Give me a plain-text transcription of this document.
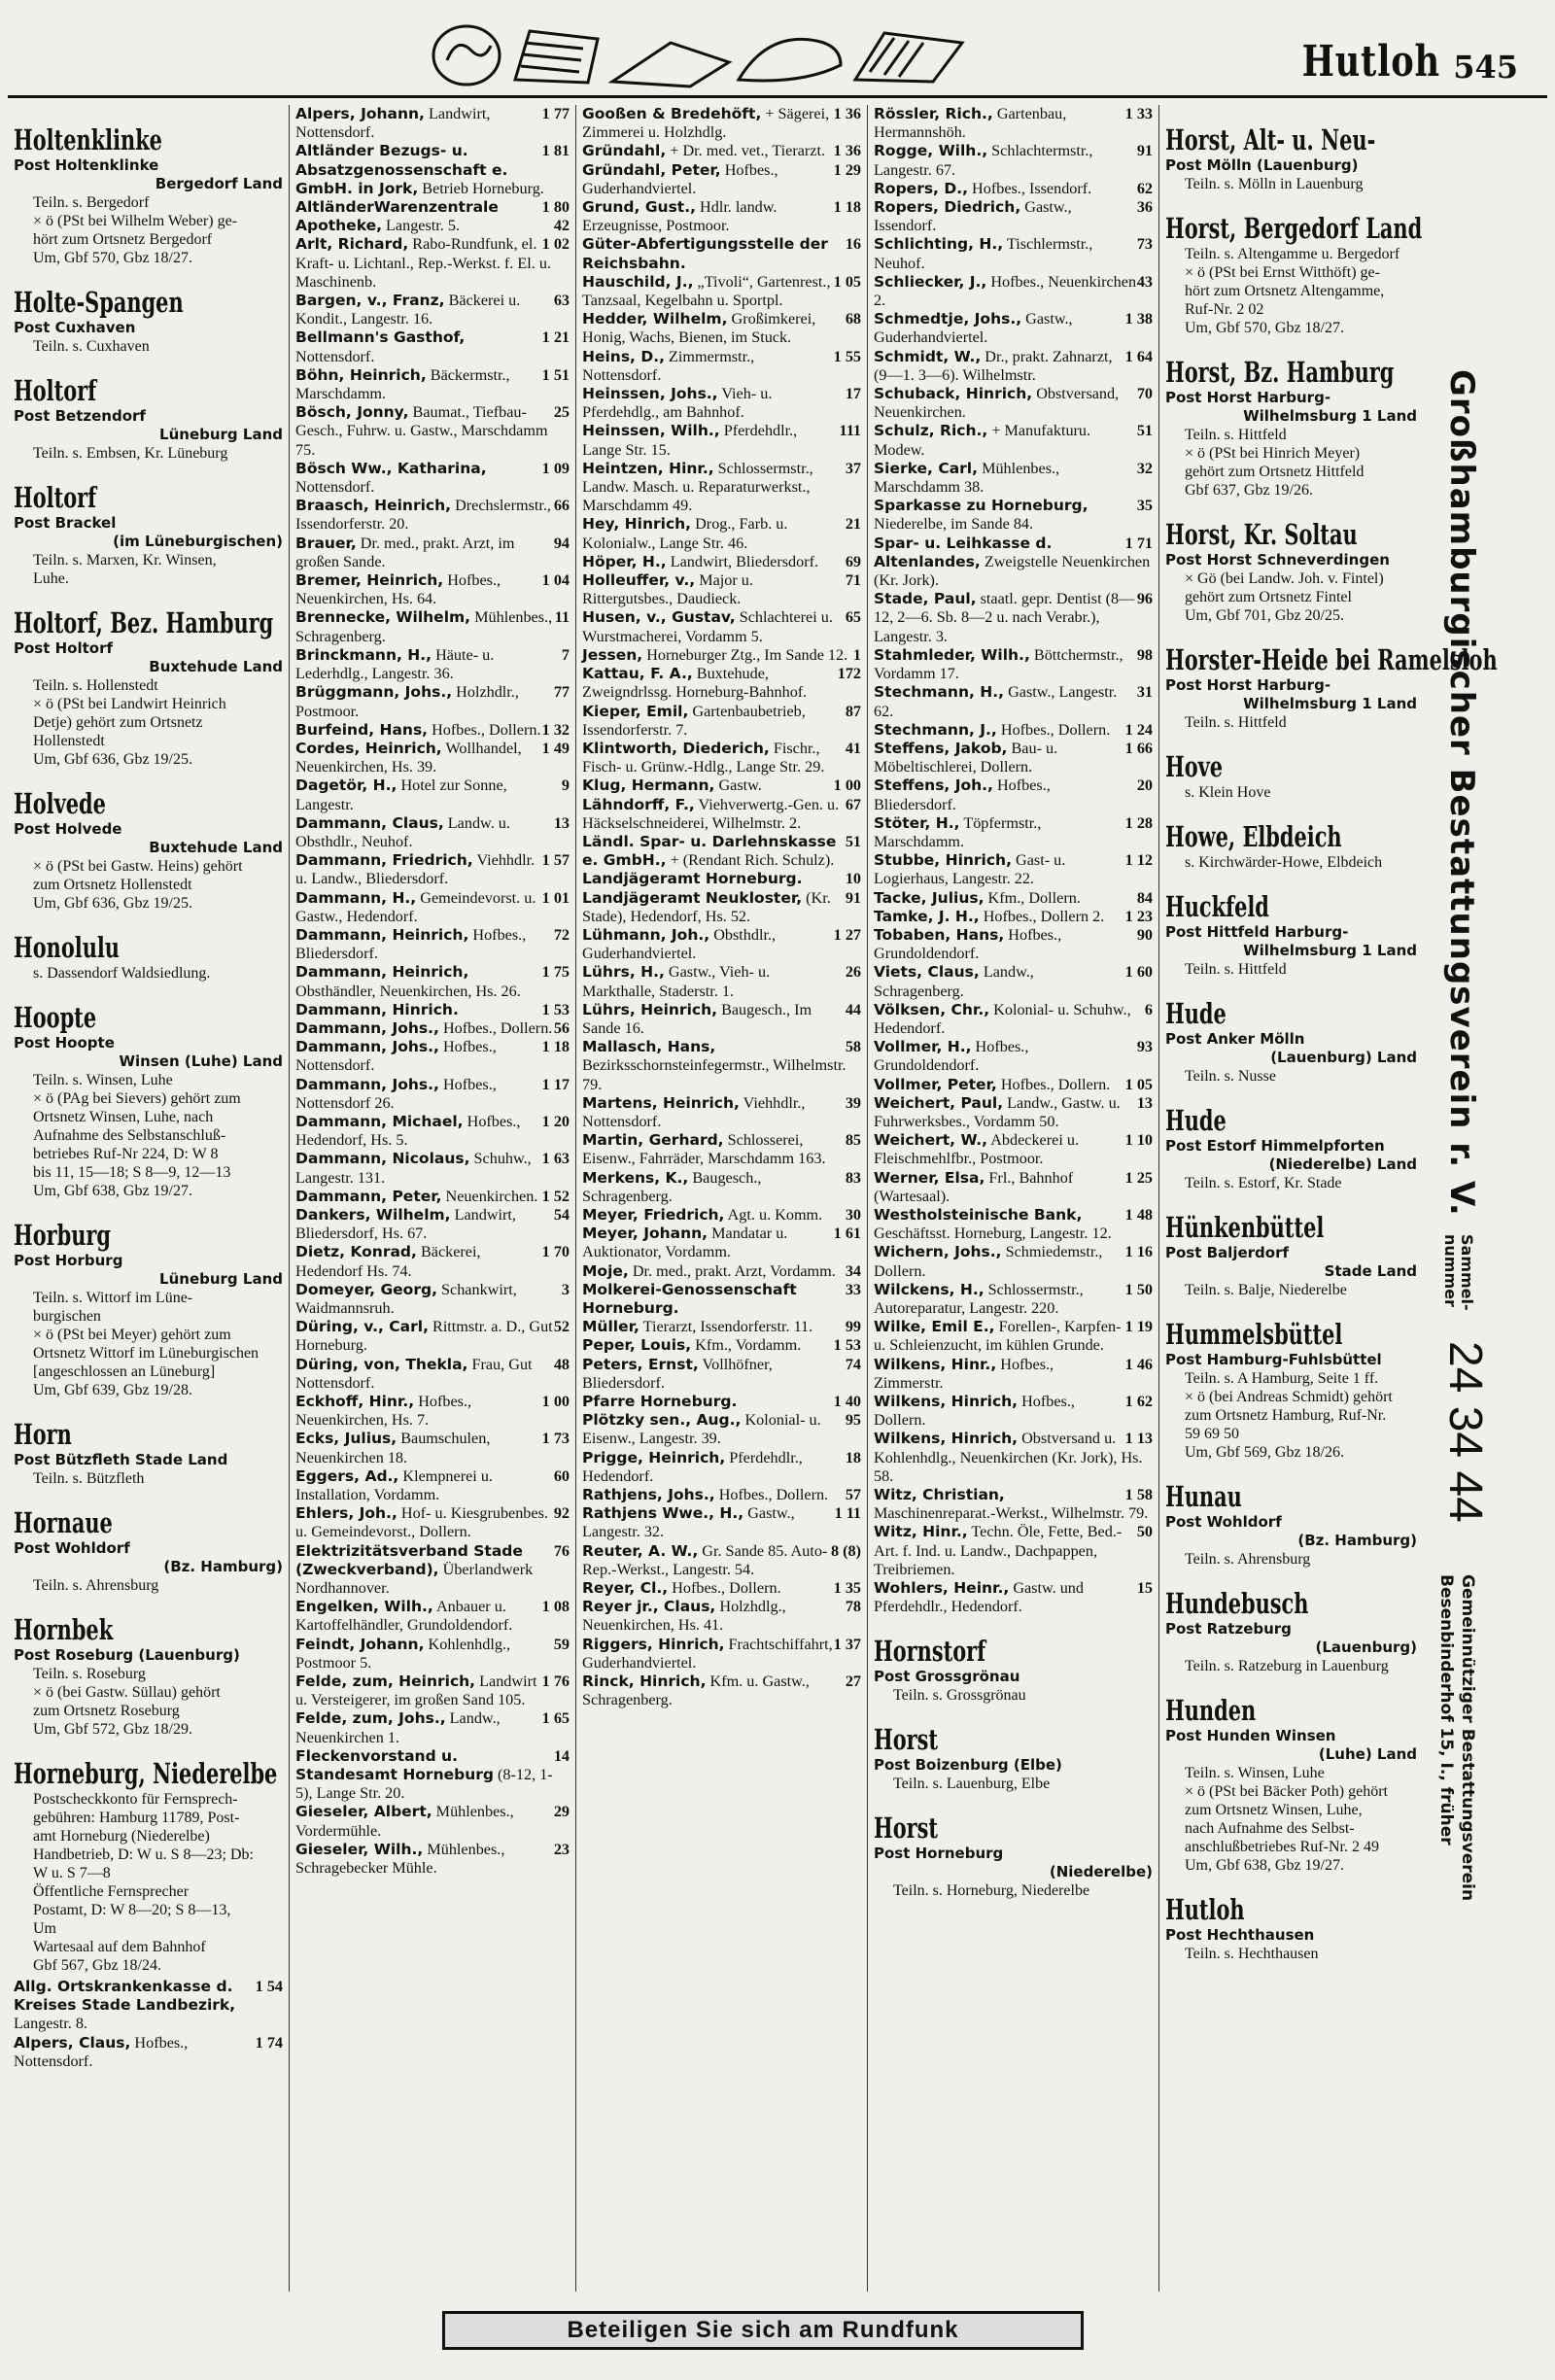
Hutloh 545
Holtenklinke
Post Holtenklinke
Bergedorf Land
Teiln. s. Bergedorf
× ö (PSt bei Wilhelm Weber) ge-
hört zum Ortsnetz Bergedorf
Um, Gbf 570, Gbz 18/27.
Holte-Spangen
Post Cuxhaven
Teiln. s. Cuxhaven
Holtorf
Post Betzendorf
Lüneburg Land
Teiln. s. Embsen, Kr. Lüneburg
Holtorf
Post Brackel
(im Lüneburgischen)
Teiln. s. Marxen, Kr. Winsen,
Luhe.
Holtorf, Bez. Hamburg
Post Holtorf
Buxtehude Land
Teiln. s. Hollenstedt
× ö (PSt bei Landwirt Heinrich
Detje) gehört zum Ortsnetz
Hollenstedt
Um, Gbf 636, Gbz 19/25.
Holvede
Post Holvede
Buxtehude Land
× ö (PSt bei Gastw. Heins) gehört
zum Ortsnetz Hollenstedt
Um, Gbf 636, Gbz 19/25.
Honolulu
s. Dassendorf Waldsiedlung.
Hoopte
Post Hoopte
Winsen (Luhe) Land
Teiln. s. Winsen, Luhe
× ö (PAg bei Sievers) gehört zum
Ortsnetz Winsen, Luhe, nach
Aufnahme des Selbstanschluß-
betriebes Ruf-Nr 224, D: W 8
bis 11, 15—18; S 8—9, 12—13
Um, Gbf 638, Gbz 19/27.
Horburg
Post Horburg
Lüneburg Land
Teiln. s. Wittorf im Lüne-
burgischen
× ö (PSt bei Meyer) gehört zum
Ortsnetz Wittorf im Lüneburgischen
[angeschlossen an Lüneburg]
Um, Gbf 639, Gbz 19/28.
Horn
Post Bützfleth Stade Land
Teiln. s. Bützfleth
Hornaue
Post Wohldorf
(Bz. Hamburg)
Teiln. s. Ahrensburg
Hornbek
Post Roseburg (Lauenburg)
Teiln. s. Roseburg
× ö (bei Gastw. Süllau) gehört
zum Ortsnetz Roseburg
Um, Gbf 572, Gbz 18/29.
Horneburg, Niederelbe
Postscheckkonto für Fernsprech-
gebühren: Hamburg 11789, Post-
amt Horneburg (Niederelbe)
Handbetrieb, D: W u. S 8—23; Db:
W u. S 7—8
Öffentliche Fernsprecher
Postamt, D: W 8—20; S 8—13,
Um
Wartesaal auf dem Bahnhof
Gbf 567, Gbz 18/24.

1 54
Allg. Ortskrankenkasse d. Kreises Stade Landbezirk, Langestr. 8.

1 74
Alpers, Claus, Hofbes., Nottensdorf.

1 77
Alpers, Johann, Landwirt, Nottensdorf.

1 81
Altländer Bezugs- u. Absatzgenossenschaft e. GmbH. in Jork, Betrieb Horneburg.

1 80
AltländerWarenzentrale

42
Apotheke, Langestr. 5.

1 02
Arlt, Richard, Rabo-Rundfunk, el. Kraft- u. Lichtanl., Rep.-Werkst. f. El. u. Maschinenb.

63
Bargen, v., Franz, Bäckerei u. Kondit., Langestr. 16.

1 21
Bellmann's Gasthof, Nottensdorf.

1 51
Böhn, Heinrich, Bäckermstr., Marschdamm.

25
Bösch, Jonny, Baumat., Tiefbau-Gesch., Fuhrw. u. Gastw., Marschdamm 75.

1 09
Bösch Ww., Katharina, Nottensdorf.

66
Braasch, Heinrich, Drechslermstr., Issendorferstr. 20.

94
Brauer, Dr. med., prakt. Arzt, im großen Sande.

1 04
Bremer, Heinrich, Hofbes., Neuenkirchen, Hs. 64.

11
Brennecke, Wilhelm, Mühlenbes., Schragenberg.

7
Brinckmann, H., Häute- u. Lederhdlg., Langestr. 36.

77
Brüggmann, Johs., Holzhdlr., Postmoor.

1 32
Burfeind, Hans, Hofbes., Dollern.

1 49
Cordes, Heinrich, Wollhandel, Neuenkirchen, Hs. 39.

9
Dagetör, H., Hotel zur Sonne, Langestr.

13
Dammann, Claus, Landw. u. Obsthdlr., Neuhof.

1 57
Dammann, Friedrich, Viehhdlr. u. Landw., Bliedersdorf.

1 01
Dammann, H., Gemeindevorst. u. Gastw., Hedendorf.

72
Dammann, Heinrich, Hofbes., Bliedersdorf.

1 75
Dammann, Heinrich, Obsthändler, Neuenkirchen, Hs. 26.

1 53
Dammann, Hinrich.

56
Dammann, Johs., Hofbes., Dollern.

1 18
Dammann, Johs., Hofbes., Nottensdorf.

1 17
Dammann, Johs., Hofbes., Nottensdorf 26.

1 20
Dammann, Michael, Hofbes., Hedendorf, Hs. 5.

1 63
Dammann, Nicolaus, Schuhw., Langestr. 131.

1 52
Dammann, Peter, Neuenkirchen.

54
Dankers, Wilhelm, Landwirt, Bliedersdorf, Hs. 67.

1 70
Dietz, Konrad, Bäckerei, Hedendorf Hs. 74.

3
Domeyer, Georg, Schankwirt, Waidmannsruh.

52
Düring, v., Carl, Rittmstr. a. D., Gut Horneburg.

48
Düring, von, Thekla, Frau, Gut Nottensdorf.

1 00
Eckhoff, Hinr., Hofbes., Neuenkirchen, Hs. 7.

1 73
Ecks, Julius, Baumschulen, Neuenkirchen 18.

60
Eggers, Ad., Klempnerei u. Installation, Vordamm.

92
Ehlers, Joh., Hof- u. Kiesgrubenbes. u. Gemeindevorst., Dollern.

76
Elektrizitätsverband Stade (Zweckverband), Überlandwerk Nordhannover.

1 08
Engelken, Wilh., Anbauer u. Kartoffelhändler, Grundoldendorf.

59
Feindt, Johann, Kohlenhdlg., Postmoor 5.

1 76
Felde, zum, Heinrich, Landwirt u. Versteigerer, im großen Sand 105.

1 65
Felde, zum, Johs., Landw., Neuenkirchen 1.

14
Fleckenvorstand u. Standesamt Horneburg (8-12, 1-5), Lange Str. 20.

29
Gieseler, Albert, Mühlenbes., Vordermühle.

23
Gieseler, Wilh., Mühlenbes., Schragebecker Mühle.

1 36
Gooßen & Bredehöft, + Sägerei, Zimmerei u. Holzhdlg.

1 36
Gründahl, + Dr. med. vet., Tierarzt.

1 29
Gründahl, Peter, Hofbes., Guderhandviertel.

1 18
Grund, Gust., Hdlr. landw. Erzeugnisse, Postmoor.

16
Güter-Abfertigungsstelle der Reichsbahn.

1 05
Hauschild, J., „Tivoli“, Gartenrest., Tanzsaal, Kegelbahn u. Sportpl.

68
Hedder, Wilhelm, Großimkerei, Honig, Wachs, Bienen, im Stuck.

1 55
Heins, D., Zimmermstr., Nottensdorf.

17
Heinssen, Johs., Vieh- u. Pferdehdlg., am Bahnhof.

111
Heinssen, Wilh., Pferdehdlr., Lange Str. 15.

37
Heintzen, Hinr., Schlossermstr., Landw. Masch. u. Reparaturwerkst., Marschdamm 49.

21
Hey, Hinrich, Drog., Farb. u. Kolonialw., Lange Str. 46.

69
Höper, H., Landwirt, Bliedersdorf.

71
Holleuffer, v., Major u. Rittergutsbes., Daudieck.

65
Husen, v., Gustav, Schlachterei u. Wurstmacherei, Vordamm 5.

1
Jessen, Horneburger Ztg., Im Sande 12.

172
Kattau, F. A., Buxtehude, Zweigndrlssg. Horneburg-Bahnhof.

87
Kieper, Emil, Gartenbaubetrieb, Issendorferstr. 7.

41
Klintworth, Diederich, Fischr., Fisch- u. Grünw.-Hdlg., Lange Str. 29.

1 00
Klug, Hermann, Gastw.

67
Lähndorff, F., Viehverwertg.-Gen. u. Häckselschneiderei, Wilhelmstr. 2.

51
Ländl. Spar- u. Darlehnskasse e. GmbH., + (Rendant Rich. Schulz).

10
Landjägeramt Horneburg.

91
Landjägeramt Neukloster, (Kr. Stade), Hedendorf, Hs. 52.

1 27
Lühmann, Joh., Obsthdlr., Guderhandviertel.

26
Lührs, H., Gastw., Vieh- u. Markthalle, Staderstr. 1.

44
Lührs, Heinrich, Baugesch., Im Sande 16.

58
Mallasch, Hans, Bezirksschornsteinfegermstr., Wilhelmstr. 79.

39
Martens, Heinrich, Viehhdlr., Nottensdorf.

85
Martin, Gerhard, Schlosserei, Eisenw., Fahrräder, Marschdamm 163.

83
Merkens, K., Baugesch., Schragenberg.

30
Meyer, Friedrich, Agt. u. Komm.

1 61
Meyer, Johann, Mandatar u. Auktionator, Vordamm.

34
Moje, Dr. med., prakt. Arzt, Vordamm.

33
Molkerei-Genossenschaft Horneburg.

99
Müller, Tierarzt, Issendorferstr. 11.

1 53
Peper, Louis, Kfm., Vordamm.

74
Peters, Ernst, Vollhöfner, Bliedersdorf.

1 40
Pfarre Horneburg.

95
Plötzky sen., Aug., Kolonial- u. Eisenw., Langestr. 39.

18
Prigge, Heinrich, Pferdehdlr., Hedendorf.

57
Rathjens, Johs., Hofbes., Dollern.

1 11
Rathjens Wwe., H., Gastw., Langestr. 32.

8 (8)
Reuter, A. W., Gr. Sande 85. Auto-Rep.-Werkst., Langestr. 54.

1 35
Reyer, Cl., Hofbes., Dollern.

78
Reyer jr., Claus, Holzhdlg., Neuenkirchen, Hs. 41.

1 37
Riggers, Hinrich, Frachtschiffahrt, Guderhandviertel.

27
Rinck, Hinrich, Kfm. u. Gastw., Schragenberg.

1 33
Rössler, Rich., Gartenbau, Hermannshöh.

91
Rogge, Wilh., Schlachtermstr., Langestr. 67.

62
Ropers, D., Hofbes., Issendorf.

36
Ropers, Diedrich, Gastw., Issendorf.

73
Schlichting, H., Tischlermstr., Neuhof.

43
Schliecker, J., Hofbes., Neuenkirchen 2.

1 38
Schmedtje, Johs., Gastw., Guderhandviertel.

1 64
Schmidt, W., Dr., prakt. Zahnarzt, (9—1. 3—6). Wilhelmstr.

70
Schuback, Hinrich, Obstversand, Neuenkirchen.

51
Schulz, Rich., + Manufakturu. Modew.

32
Sierke, Carl, Mühlenbes., Marschdamm 38.

35
Sparkasse zu Horneburg, Niederelbe, im Sande 84.

1 71
Spar- u. Leihkasse d. Altenlandes, Zweigstelle Neuenkirchen (Kr. Jork).

96
Stade, Paul, staatl. gepr. Dentist (8—12, 2—6. Sb. 8—2 u. nach Verabr.), Langestr. 3.

98
Stahmleder, Wilh., Böttchermstr., Vordamm 17.

31
Stechmann, H., Gastw., Langestr. 62.

1 24
Stechmann, J., Hofbes., Dollern.

1 66
Steffens, Jakob, Bau- u. Möbeltischlerei, Dollern.

20
Steffens, Joh., Hofbes., Bliedersdorf.

1 28
Stöter, H., Töpfermstr., Marschdamm.

1 12
Stubbe, Hinrich, Gast- u. Logierhaus, Langestr. 22.

84
Tacke, Julius, Kfm., Dollern.

1 23
Tamke, J. H., Hofbes., Dollern 2.

90
Tobaben, Hans, Hofbes., Grundoldendorf.

1 60
Viets, Claus, Landw., Schragenberg.

6
Völksen, Chr., Kolonial- u. Schuhw., Hedendorf.

93
Vollmer, H., Hofbes., Grundoldendorf.

1 05
Vollmer, Peter, Hofbes., Dollern.

13
Weichert, Paul, Landw., Gastw. u. Fuhrwerksbes., Vordamm 50.

1 10
Weichert, W., Abdeckerei u. Fleischmehlfbr., Postmoor.

1 25
Werner, Elsa, Frl., Bahnhof (Wartesaal).

1 48
Westholsteinische Bank, Geschäftsst. Horneburg, Langestr. 12.

1 16
Wichern, Johs., Schmiedemstr., Dollern.

1 50
Wilckens, H., Schlossermstr., Autoreparatur, Langestr. 220.

1 19
Wilke, Emil E., Forellen-, Karpfen- u. Schleienzucht, im kühlen Grunde.

1 46
Wilkens, Hinr., Hofbes., Zimmerstr.

1 62
Wilkens, Hinrich, Hofbes., Dollern.

1 13
Wilkens, Hinrich, Obstversand u. Kohlenhdlg., Neuenkirchen (Kr. Jork), Hs. 58.

1 58
Witz, Christian, Maschinenreparat.-Werkst., Wilhelmstr. 79.

50
Witz, Hinr., Techn. Öle, Fette, Bed.-Art. f. Ind. u. Landw., Dachpappen, Treibriemen.

15
Wohlers, Heinr., Gastw. und Pferdehdlr., Hedendorf.

Hornstorf
Post Grossgrönau
Teiln. s. Grossgrönau
Horst
Post Boizenburg (Elbe)
Teiln. s. Lauenburg, Elbe
Horst
Post Horneburg
(Niederelbe)
Teiln. s. Horneburg, Niederelbe
Horst, Alt- u. Neu-
Post Mölln (Lauenburg)
Teiln. s. Mölln in Lauenburg
Horst, Bergedorf Land
Teiln. s. Altengamme u. Bergedorf
× ö (PSt bei Ernst Witthöft) ge-
hört zum Ortsnetz Altengamme,
Ruf-Nr. 2 02
Um, Gbf 570, Gbz 18/27.
Horst, Bz. Hamburg
Post Horst Harburg-
Wilhelmsburg 1 Land
Teiln. s. Hittfeld
× ö (PSt bei Hinrich Meyer)
gehört zum Ortsnetz Hittfeld
Gbf 637, Gbz 19/26.
Horst, Kr. Soltau
Post Horst Schneverdingen
× Gö (bei Landw. Joh. v. Fintel)
gehört zum Ortsnetz Fintel
Um, Gbf 701, Gbz 20/25.
Horster-Heide bei Ramelsloh
Post Horst Harburg-
Wilhelmsburg 1 Land
Teiln. s. Hittfeld
Hove
s. Klein Hove
Howe, Elbdeich
s. Kirchwärder-Howe, Elbdeich
Huckfeld
Post Hittfeld Harburg-
Wilhelmsburg 1 Land
Teiln. s. Hittfeld
Hude
Post Anker Mölln
(Lauenburg) Land
Teiln. s. Nusse
Hude
Post Estorf Himmelpforten
(Niederelbe) Land
Teiln. s. Estorf, Kr. Stade
Hünkenbüttel
Post Baljerdorf
Stade Land
Teiln. s. Balje, Niederelbe
Hummelsbüttel
Post Hamburg-Fuhlsbüttel
Teiln. s. A Hamburg, Seite 1 ff.
× ö (bei Andreas Schmidt) gehört
zum Ortsnetz Hamburg, Ruf-Nr.
59 69 50
Um, Gbf 569, Gbz 18/26.
Hunau
Post Wohldorf
(Bz. Hamburg)
Teiln. s. Ahrensburg
Hundebusch
Post Ratzeburg
(Lauenburg)
Teiln. s. Ratzeburg in Lauenburg
Hunden
Post Hunden Winsen
(Luhe) Land
Teiln. s. Winsen, Luhe
× ö (PSt bei Bäcker Poth) gehört
zum Ortsnetz Winsen, Luhe,
nach Aufnahme des Selbst-
anschlußbetriebes Ruf-Nr. 2 49
Um, Gbf 638, Gbz 19/27.
Hutloh
Post Hechthausen
Teiln. s. Hechthausen
Großhamburgischer Bestattungsverein r. V.
Sammel-
nummer
24 34 44
Besenbinderhof 15, I., früher Gemeinnütziger Bestattungsverein
Beteiligen Sie sich am Rundfunk
